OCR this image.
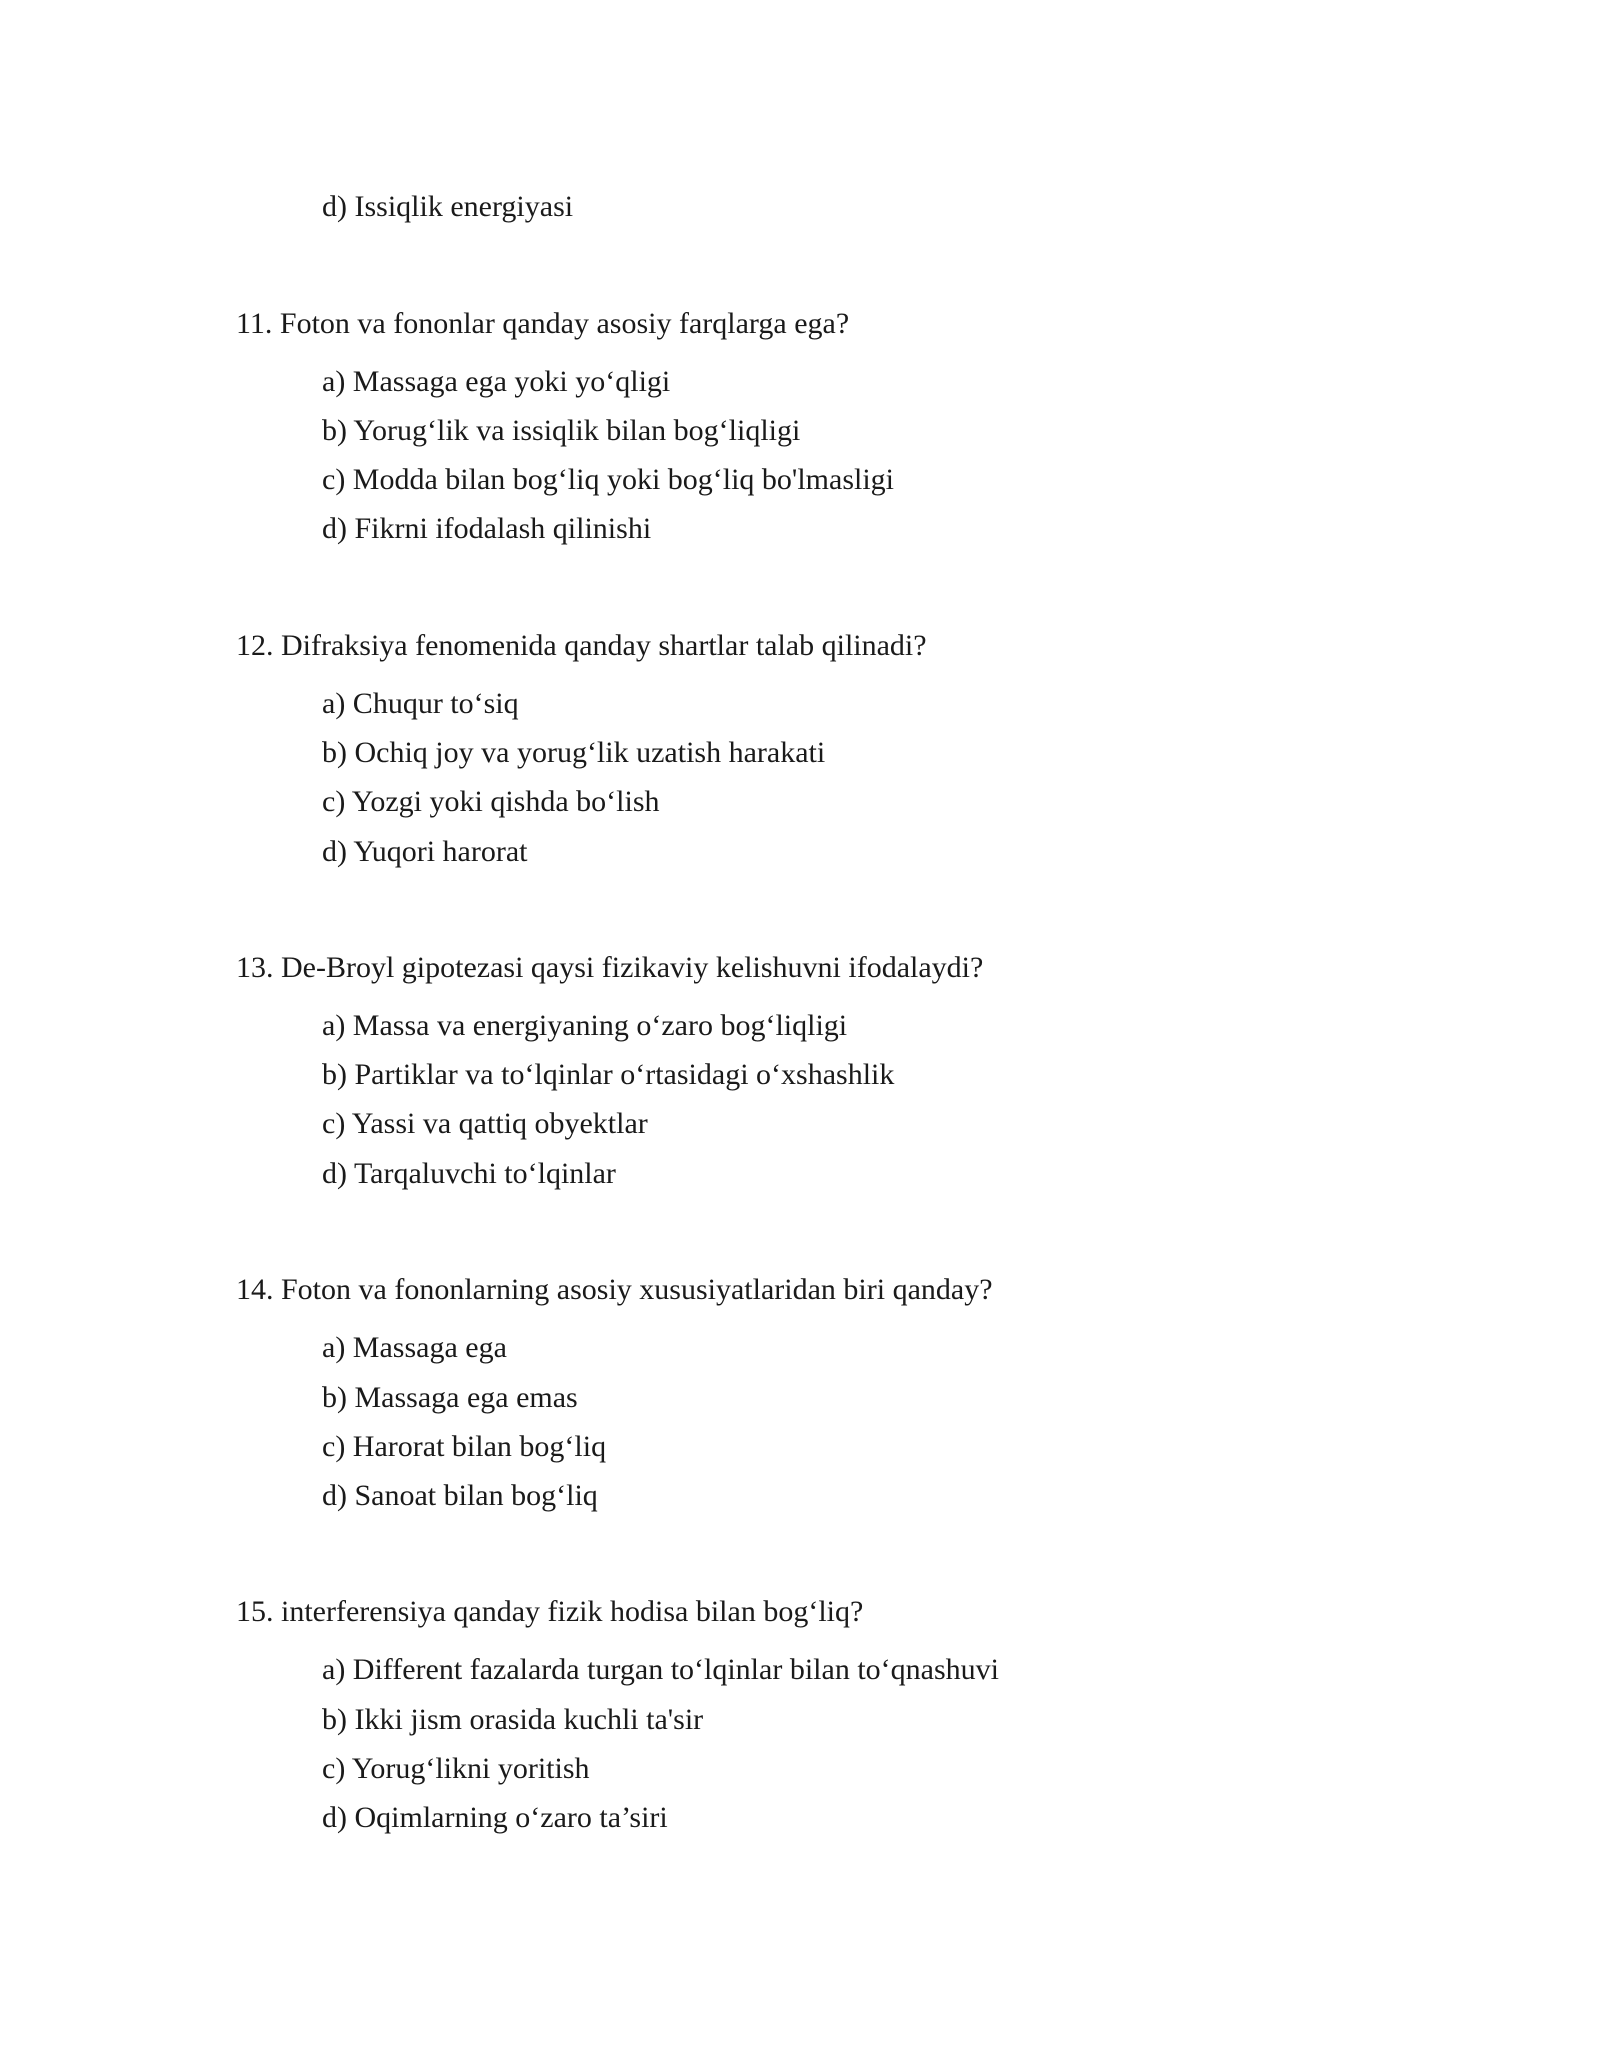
d) Issiqlik energiyasi

11. Foton va fononlar qanday asosiy farqlarga ega?

a) Massaga ega yoki yo‘qligi

b) Yorug‘lik va issiqlik bilan bog‘liqligi

c) Modda bilan bog‘liq yoki bog‘liq bo'lmasligi

d) Fikrni ifodalash qilinishi

12. Difraksiya fenomenida qanday shartlar talab qilinadi?

a) Chuqur to‘siq

b) Ochiq joy va yorug‘lik uzatish harakati

c) Yozgi yoki qishda bo‘lish

d) Yuqori harorat

13. De-Broyl gipotezasi qaysi fizikaviy kelishuvni ifodalaydi?

a) Massa va energiyaning o‘zaro bog‘liqligi

b) Partiklar va to‘lqinlar o‘rtasidagi o‘xshashlik

c) Yassi va qattiq obyektlar

d) Tarqaluvchi to‘lqinlar

14. Foton va fononlarning asosiy xususiyatlaridan biri qanday?

a) Massaga ega

b) Massaga ega emas

c) Harorat bilan bog‘liq

d) Sanoat bilan bog‘liq

15. interferensiya qanday fizik hodisa bilan bog‘liq?

a) Different fazalarda turgan to‘lqinlar bilan to‘qnashuvi

b) Ikki jism orasida kuchli ta'sir

c) Yorug‘likni yoritish

d) Oqimlarning o‘zaro ta’siri
